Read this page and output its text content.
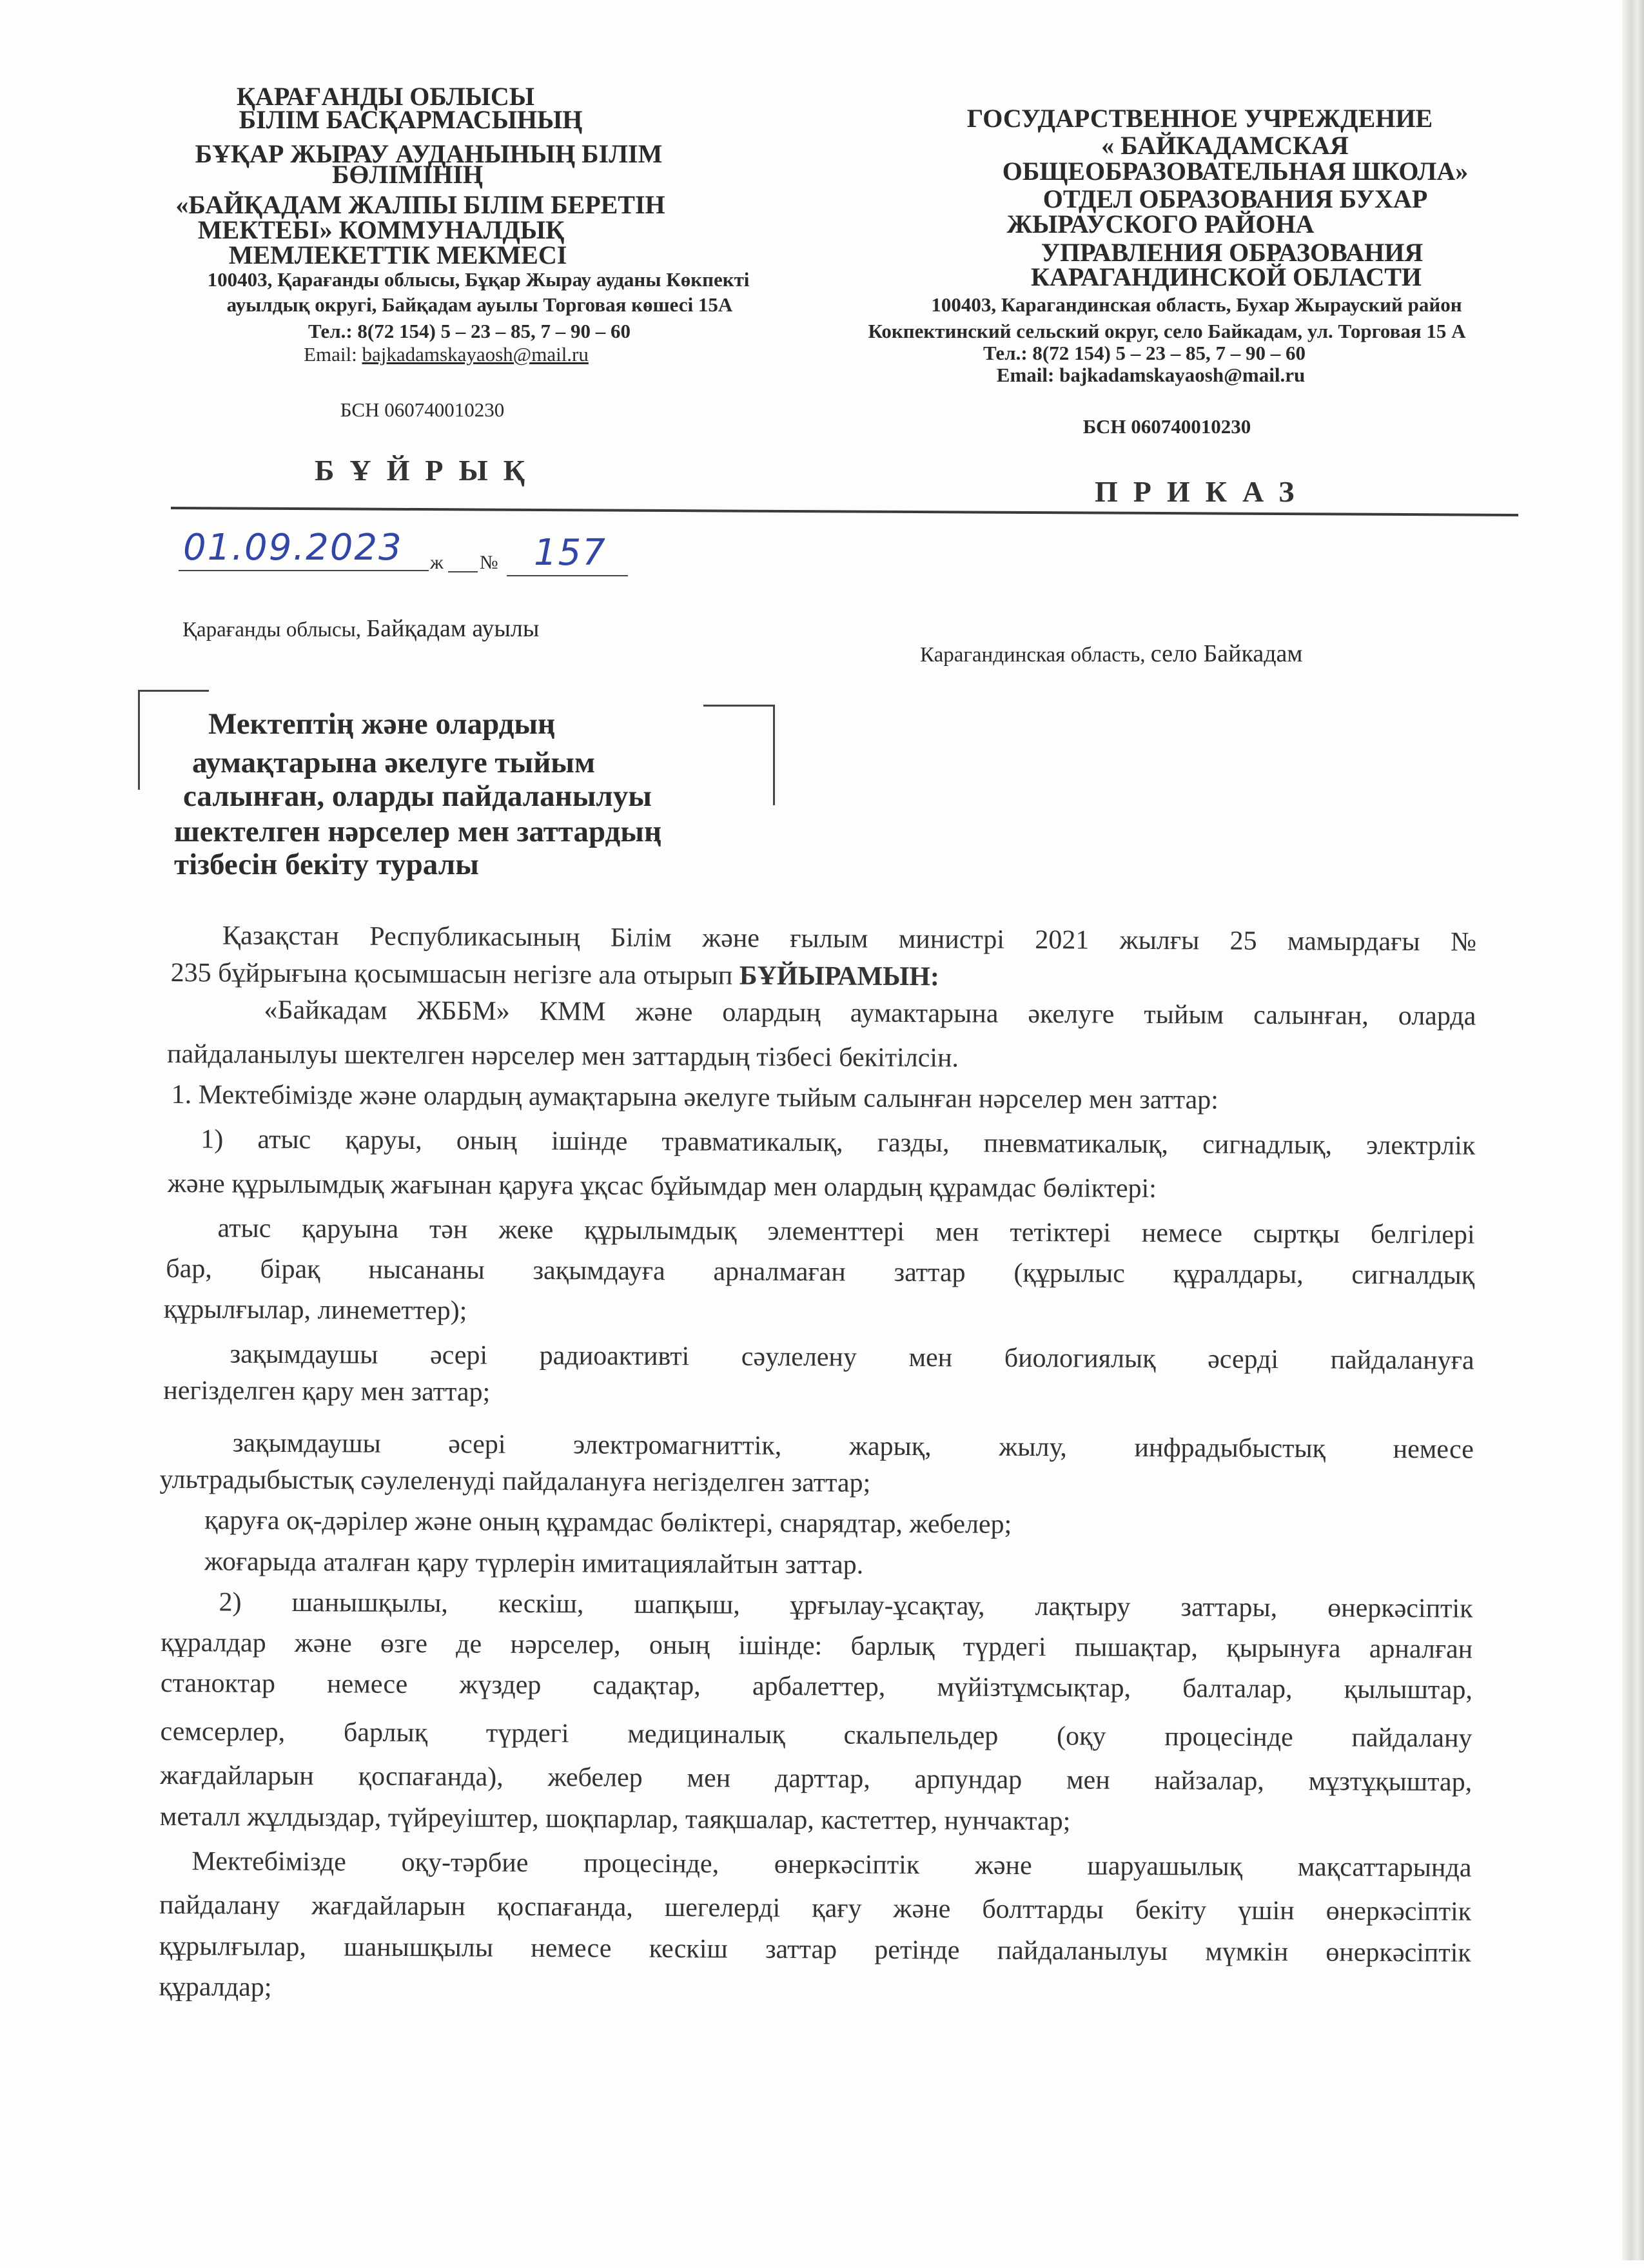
ҚАРАҒАНДЫ ОБЛЫСЫ
БІЛІМ БАСҚАРМАСЫНЫҢ
БҰҚАР ЖЫРАУ АУДАНЫНЫҢ БІЛІМ
БӨЛІМІНІҢ
«БАЙҚАДАМ ЖАЛПЫ БІЛІМ БЕРЕТІН
МЕКТЕБІ» КОММУНАЛДЫҚ
МЕМЛЕКЕТТІК МЕКМЕСІ
100403, Қарағанды облысы, Бұқар Жырау ауданы Көкпекті
ауылдық округі, Байқадам ауылы Торговая көшесі 15А
Тел.: 8(72 154) 5 – 23 – 85, 7 – 90 – 60
Email: bajkadamskayaosh@mail.ru
БСН 060740010230
БҰЙРЫҚ
ГОСУДАРСТВЕННОЕ УЧРЕЖДЕНИЕ
« БАЙКАДАМСКАЯ
ОБЩЕОБРАЗОВАТЕЛЬНАЯ ШКОЛА»
ОТДЕЛ ОБРАЗОВАНИЯ БУХАР
ЖЫРАУСКОГО РАЙОНА
УПРАВЛЕНИЯ ОБРАЗОВАНИЯ
КАРАГАНДИНСКОЙ ОБЛАСТИ
100403, Карагандинская область, Бухар Жырауский район
Кокпектинский сельский округ, село Байкадам, ул. Торговая 15 А
Тел.: 8(72 154) 5 – 23 – 85, 7 – 90 – 60
Email: bajkadamskayaosh@mail.ru
БСН 060740010230
ПРИКАЗ
01.09.2023 ж № 157
Қарағанды облысы, Байқадам ауылы
Карагандинская область, село Байкадам
Мектептің және олардың
аумақтарына әкелуге тыйым
салынған, оларды пайдаланылуы
шектелген нәрселер мен заттардың
тізбесін бекіту туралы
Қазақстан Республикасының Білім және ғылым министрі 2021 жылғы 25 мамырдағы №
235 бұйрығына қосымшасын негізге ала отырып БҰЙЫРАМЫН:
«Байкадам ЖББМ» КММ және олардың аумактарына әкелуге тыйым салынған, оларда
пайдаланылуы шектелген нәрселер мен заттардың тізбесі бекітілсін.
1. Мектебімізде және олардың аумақтарына әкелуге тыйым салынған нәрселер мен заттар:
1) атыс қаруы, оның ішінде травматикалық, газды, пневматикалық, сигнадлық, электрлік
және құрылымдық жағынан қаруға ұқсас бұйымдар мен олардың құрамдас бөліктері:
атыс қаруына тән жеке құрылымдық элементтері мен тетіктері немесе сыртқы белгілері
бар, бірақ нысананы зақымдауға арналмаған заттар (құрылыс құралдары, сигналдық
құрылғылар, линеметтер);
зақымдаушы әсері радиоактивті сәулелену мен биологиялық әсерді пайдалануға
негізделген қару мен заттар;
зақымдаушы әсері электромагниттік, жарық, жылу, инфрадыбыстық немесе
ультрадыбыстық сәулеленуді пайдалануға негізделген заттар;
қаруға оқ-дәрілер және оның құрамдас бөліктері, снарядтар, жебелер;
жоғарыда аталған қару түрлерін имитациялайтын заттар.
2) шанышқылы, кескіш, шапқыш, ұрғылау-ұсақтау, лақтыру заттары, өнеркәсіптік
құралдар және өзге де нәрселер, оның ішінде: барлық түрдегі пышақтар, қырынуға арналған
станоктар немесе жүздер садақтар, арбалеттер, мүйізтұмсықтар, балталар, қылыштар,
семсерлер, барлық түрдегі медициналық скальпельдер (оқу процесінде пайдалану
жағдайларын қоспағанда), жебелер мен дарттар, арпундар мен найзалар, мұзтұқыштар,
металл жұлдыздар, түйреуіштер, шоқпарлар, таяқшалар, кастеттер, нунчактар;
Мектебімізде оқу-тәрбие процесінде, өнеркәсіптік және шаруашылық мақсаттарында
пайдалану жағдайларын қоспағанда, шегелерді қағу және болттарды бекіту үшін өнеркәсіптік
құрылғылар, шанышқылы немесе кескіш заттар ретінде пайдаланылуы мүмкін өнеркәсіптік
құралдар;
